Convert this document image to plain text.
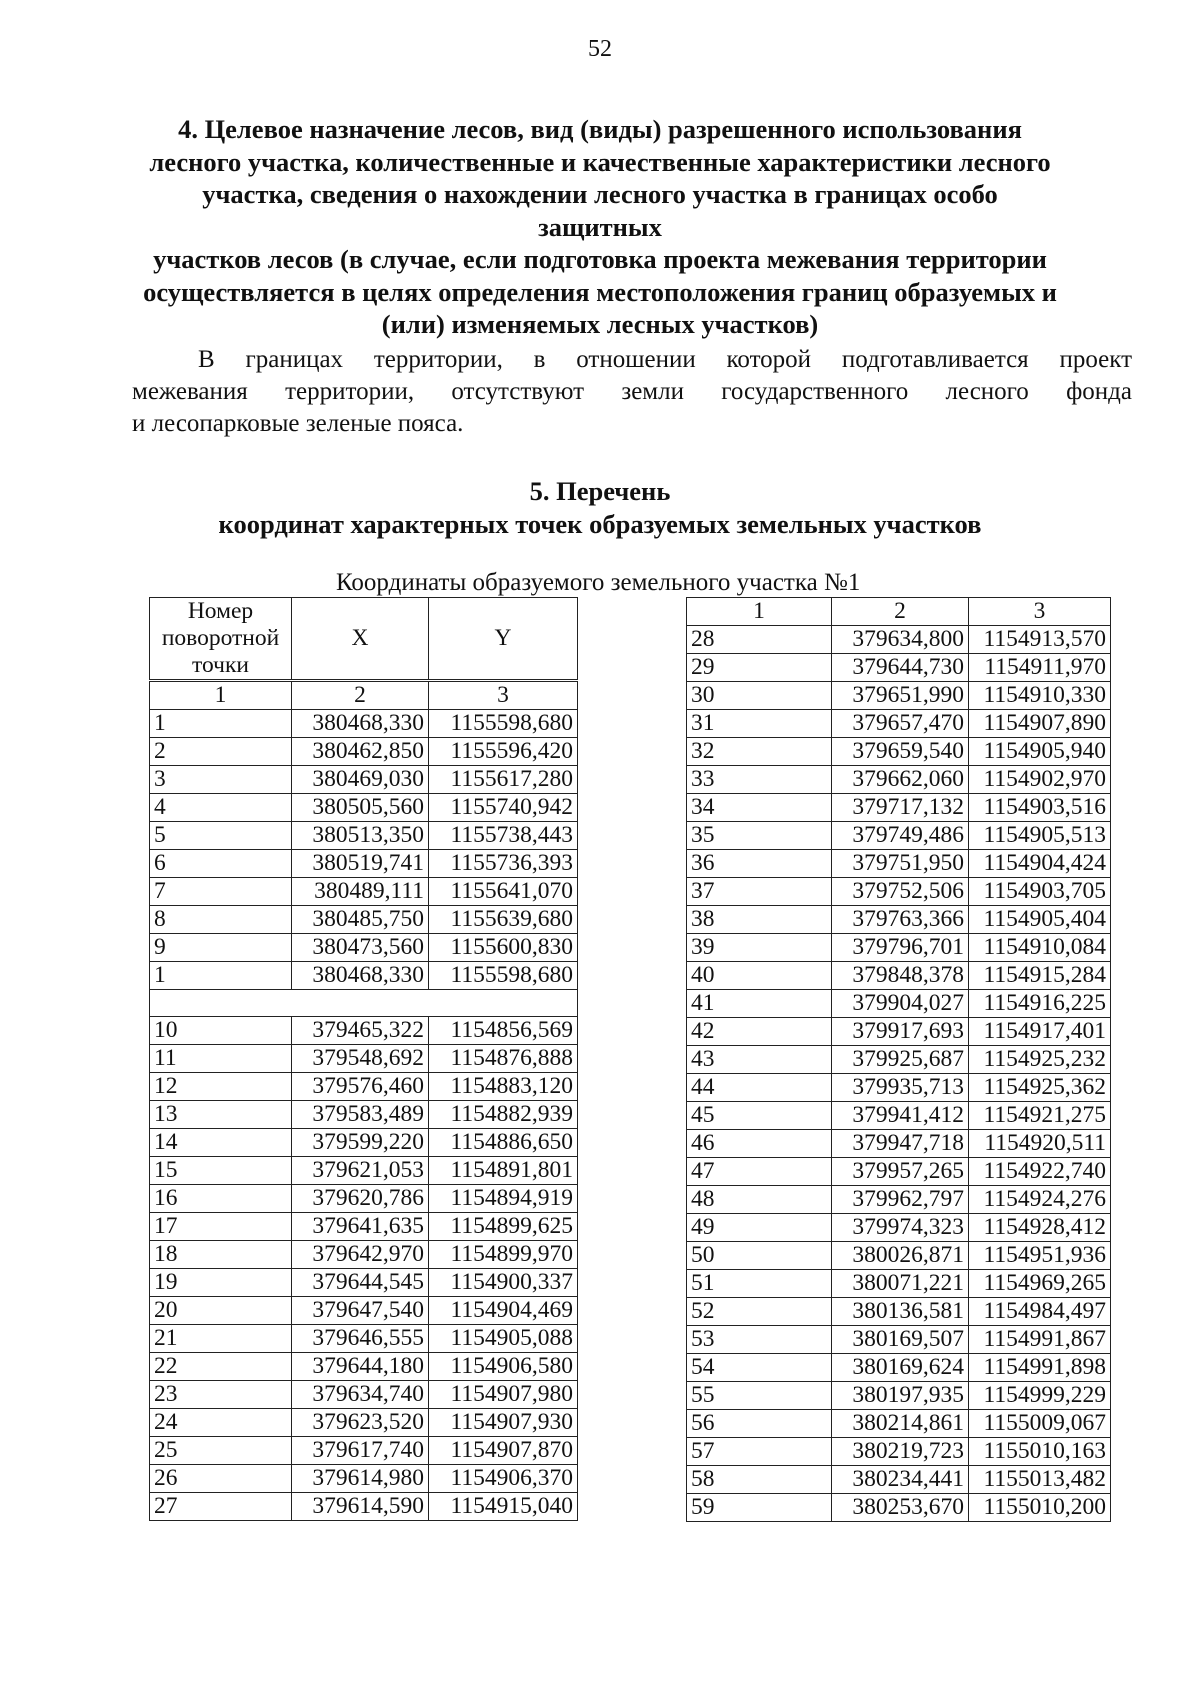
52
4. Целевое назначение лесов, вид (виды) разрешенного использования
лесного участка, количественные и качественные характеристики лесного
участка, сведения о нахождении лесного участка в границах особо защитных
участков лесов (в случае, если подготовка проекта межевания территории
осуществляется в целях определения местоположения границ образуемых и
(или) изменяемых лесных участков)
В границах территории, в отношении которой подготавливается проект
межевания территории, отсутствуют земли государственного лесного фонда
и лесопарковые зеленые пояса.
5. Перечень
координат характерных точек образуемых земельных участков
Координаты образуемого земельного участка №1
Номер
поворотной
точки	X	Y
1	2	3
1	380468,330	1155598,680
2	380462,850	1155596,420
3	380469,030	1155617,280
4	380505,560	1155740,942
5	380513,350	1155738,443
6	380519,741	1155736,393
7	380489,111	1155641,070
8	380485,750	1155639,680
9	380473,560	1155600,830
1	380468,330	1155598,680

10	379465,322	1154856,569
11	379548,692	1154876,888
12	379576,460	1154883,120
13	379583,489	1154882,939
14	379599,220	1154886,650
15	379621,053	1154891,801
16	379620,786	1154894,919
17	379641,635	1154899,625
18	379642,970	1154899,970
19	379644,545	1154900,337
20	379647,540	1154904,469
21	379646,555	1154905,088
22	379644,180	1154906,580
23	379634,740	1154907,980
24	379623,520	1154907,930
25	379617,740	1154907,870
26	379614,980	1154906,370
27	379614,590	1154915,040
1	2	3
28	379634,800	1154913,570
29	379644,730	1154911,970
30	379651,990	1154910,330
31	379657,470	1154907,890
32	379659,540	1154905,940
33	379662,060	1154902,970
34	379717,132	1154903,516
35	379749,486	1154905,513
36	379751,950	1154904,424
37	379752,506	1154903,705
38	379763,366	1154905,404
39	379796,701	1154910,084
40	379848,378	1154915,284
41	379904,027	1154916,225
42	379917,693	1154917,401
43	379925,687	1154925,232
44	379935,713	1154925,362
45	379941,412	1154921,275
46	379947,718	1154920,511
47	379957,265	1154922,740
48	379962,797	1154924,276
49	379974,323	1154928,412
50	380026,871	1154951,936
51	380071,221	1154969,265
52	380136,581	1154984,497
53	380169,507	1154991,867
54	380169,624	1154991,898
55	380197,935	1154999,229
56	380214,861	1155009,067
57	380219,723	1155010,163
58	380234,441	1155013,482
59	380253,670	1155010,200
